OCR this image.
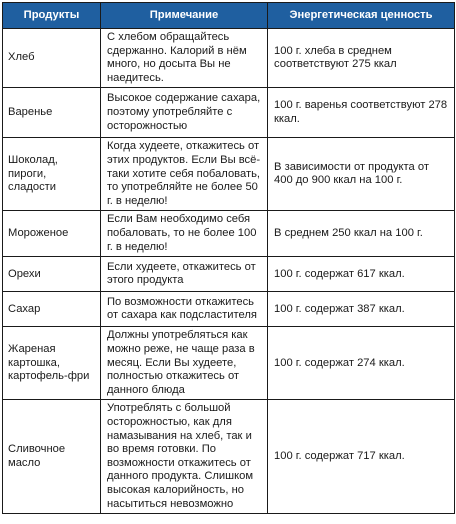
Продукты	Примечание	Энергетическая ценность
Хлеб	С хлебом обращайтесь сдержанно. Калорий в нём много, но досыта Вы не наедитесь.	100 г. хлеба в среднем соответствуют 275 ккал
Варенье	Высокое содержание сахара, поэтому употребляйте с осторожностью	100 г. варенья соответствуют 278 ккал.
Шоколад, пироги, сладости	Когда худеете, откажитесь от этих продуктов. Если Вы всё-таки хотите себя побаловать, то употребляйте не более 50 г. в неделю!	В зависимости от продукта от 400 до 900 ккал на 100 г.
Мороженое	Если Вам необходимо себя побаловать, то не более 100 г. в неделю!	В среднем 250 ккал на 100 г.
Орехи	Если худеете, откажитесь от этого продукта	100 г. содержат 617 ккал.
Сахар	По возможности откажитесь от сахара как подсластителя	100 г. содержат 387 ккал.
Жареная картошка, картофель-фри	Должны употребляться как можно реже, не чаще раза в месяц. Если Вы худеете, полностью откажитесь от данного блюда	100 г. содержат 274 ккал.
Сливочное масло	Употреблять с большой осторожностью, как для намазывания на хлеб, так и во время готовки. По возможности откажитесь от данного продукта. Слишком высокая калорийность, но насытиться невозможно	100 г. содержат 717 ккал.
